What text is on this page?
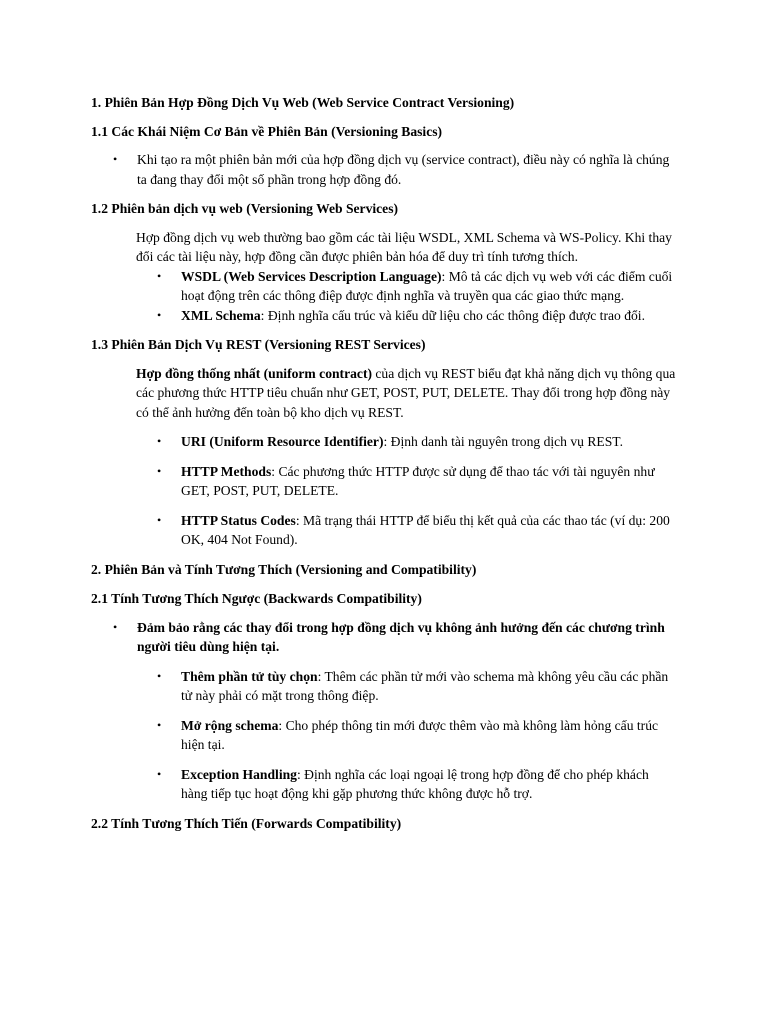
1. Phiên Bản Hợp Đồng Dịch Vụ Web (Web Service Contract Versioning)

1.1 Các Khái Niệm Cơ Bản về Phiên Bản (Versioning Basics)

• Khi tạo ra một phiên bản mới của hợp đồng dịch vụ (service contract), điều này có nghĩa là chúng ta đang thay đổi một số phần trong hợp đồng đó.

1.2 Phiên bản dịch vụ web (Versioning Web Services)

Hợp đồng dịch vụ web thường bao gồm các tài liệu WSDL, XML Schema và WS-Policy. Khi thay đổi các tài liệu này, hợp đồng cần được phiên bản hóa để duy trì tính tương thích.

• WSDL (Web Services Description Language): Mô tả các dịch vụ web với các điểm cuối hoạt động trên các thông điệp được định nghĩa và truyền qua các giao thức mạng.
• XML Schema: Định nghĩa cấu trúc và kiểu dữ liệu cho các thông điệp được trao đổi.

1.3 Phiên Bản Dịch Vụ REST (Versioning REST Services)

Hợp đồng thống nhất (uniform contract) của dịch vụ REST biểu đạt khả năng dịch vụ thông qua các phương thức HTTP tiêu chuẩn như GET, POST, PUT, DELETE. Thay đổi trong hợp đồng này có thể ảnh hưởng đến toàn bộ kho dịch vụ REST.

• URI (Uniform Resource Identifier): Định danh tài nguyên trong dịch vụ REST.
• HTTP Methods: Các phương thức HTTP được sử dụng để thao tác với tài nguyên như GET, POST, PUT, DELETE.
• HTTP Status Codes: Mã trạng thái HTTP để biểu thị kết quả của các thao tác (ví dụ: 200 OK, 404 Not Found).

2. Phiên Bản và Tính Tương Thích (Versioning and Compatibility)

2.1 Tính Tương Thích Ngược (Backwards Compatibility)

• Đảm bảo rằng các thay đổi trong hợp đồng dịch vụ không ảnh hưởng đến các chương trình người tiêu dùng hiện tại.
• Thêm phần tử tùy chọn: Thêm các phần tử mới vào schema mà không yêu cầu các phần tử này phải có mặt trong thông điệp.
• Mở rộng schema: Cho phép thông tin mới được thêm vào mà không làm hỏng cấu trúc hiện tại.
• Exception Handling: Định nghĩa các loại ngoại lệ trong hợp đồng để cho phép khách hàng tiếp tục hoạt động khi gặp phương thức không được hỗ trợ.

2.2 Tính Tương Thích Tiến (Forwards Compatibility)
